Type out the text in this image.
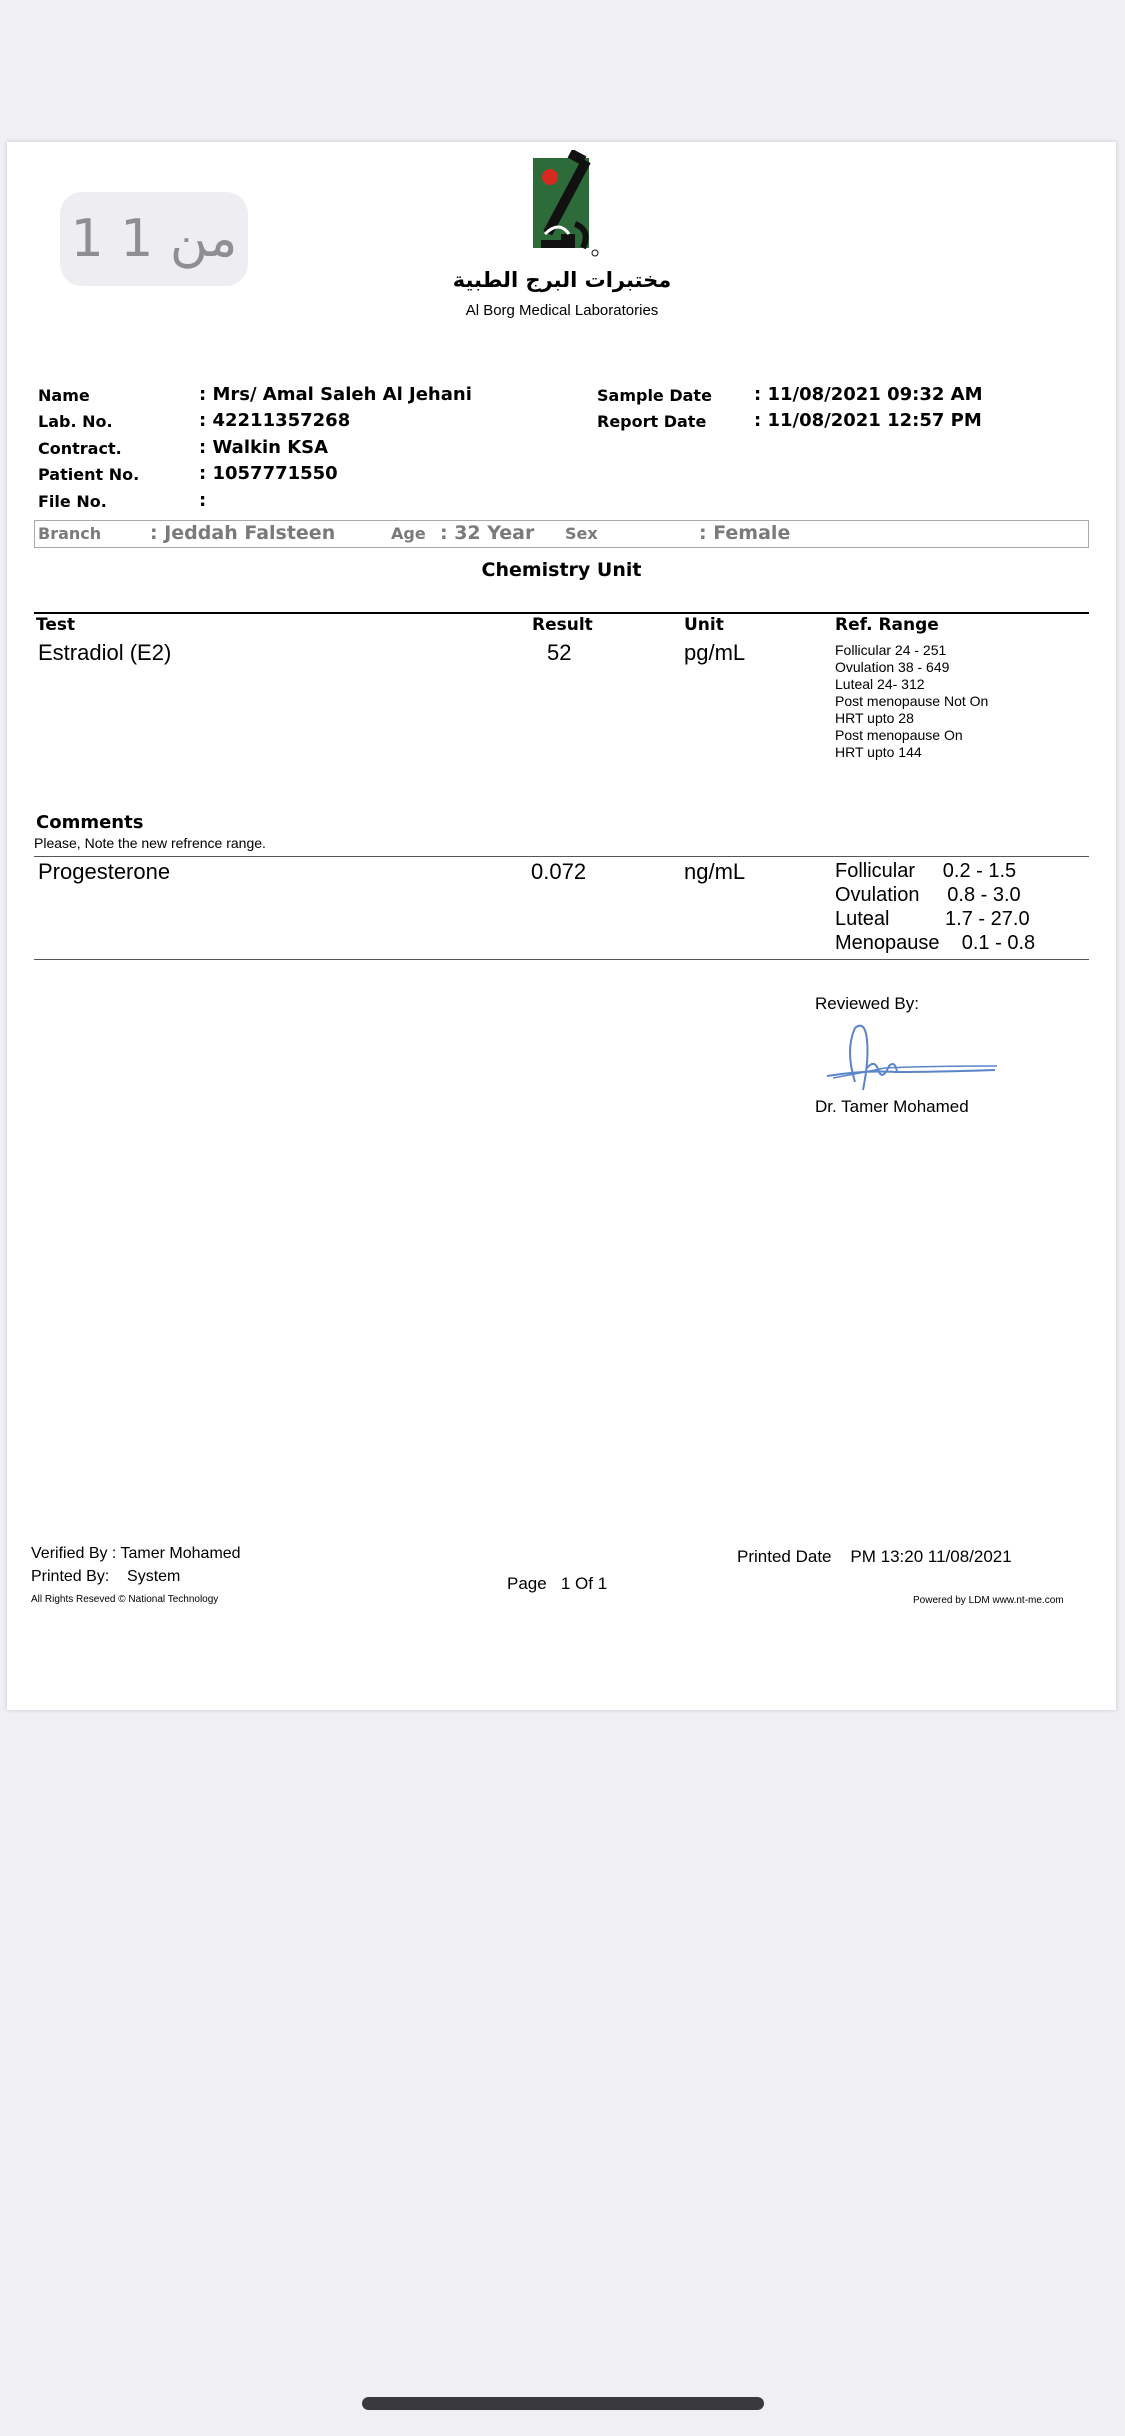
1 من 1
مختبرات البرج الطبية
Al Borg Medical Laboratories
Name	: Mrs/ Amal Saleh Al Jehani
Lab. No.	: 42211357268
Contract.	: Walkin KSA
Patient No.	: 1057771550
File No.	:
Sample Date : 11/08/2021 09:32 AM
Report Date	: 11/08/2021 12:57 PM
Branch	: Jeddah Falsteen	Age : 32 Year Sex	: Female
Chemistry Unit
Test	Result	Unit	Ref. Range
Estradiol (E2)	52	pg/mL	Follicular 24 - 251
Ovulation 38 - 649
Luteal 24- 312
Post menopause Not On
HRT upto 28
Post menopause On
HRT upto 144
Comments
Please, Note the new refrence range.
Progesterone	0.072	ng/mL	Follicular     0.2 - 1.5
Ovulation     0.8 - 3.0
Luteal          1.7 - 27.0
Menopause    0.1 - 0.8
Reviewed By:
Dr. Tamer Mohamed
Verified By : Tamer Mohamed
Printed By:    System
All Rights Reseved © National Technology
Page   1 Of 1
Printed Date    PM 13:20 11/08/2021
Powered by LDM www.nt-me.com
